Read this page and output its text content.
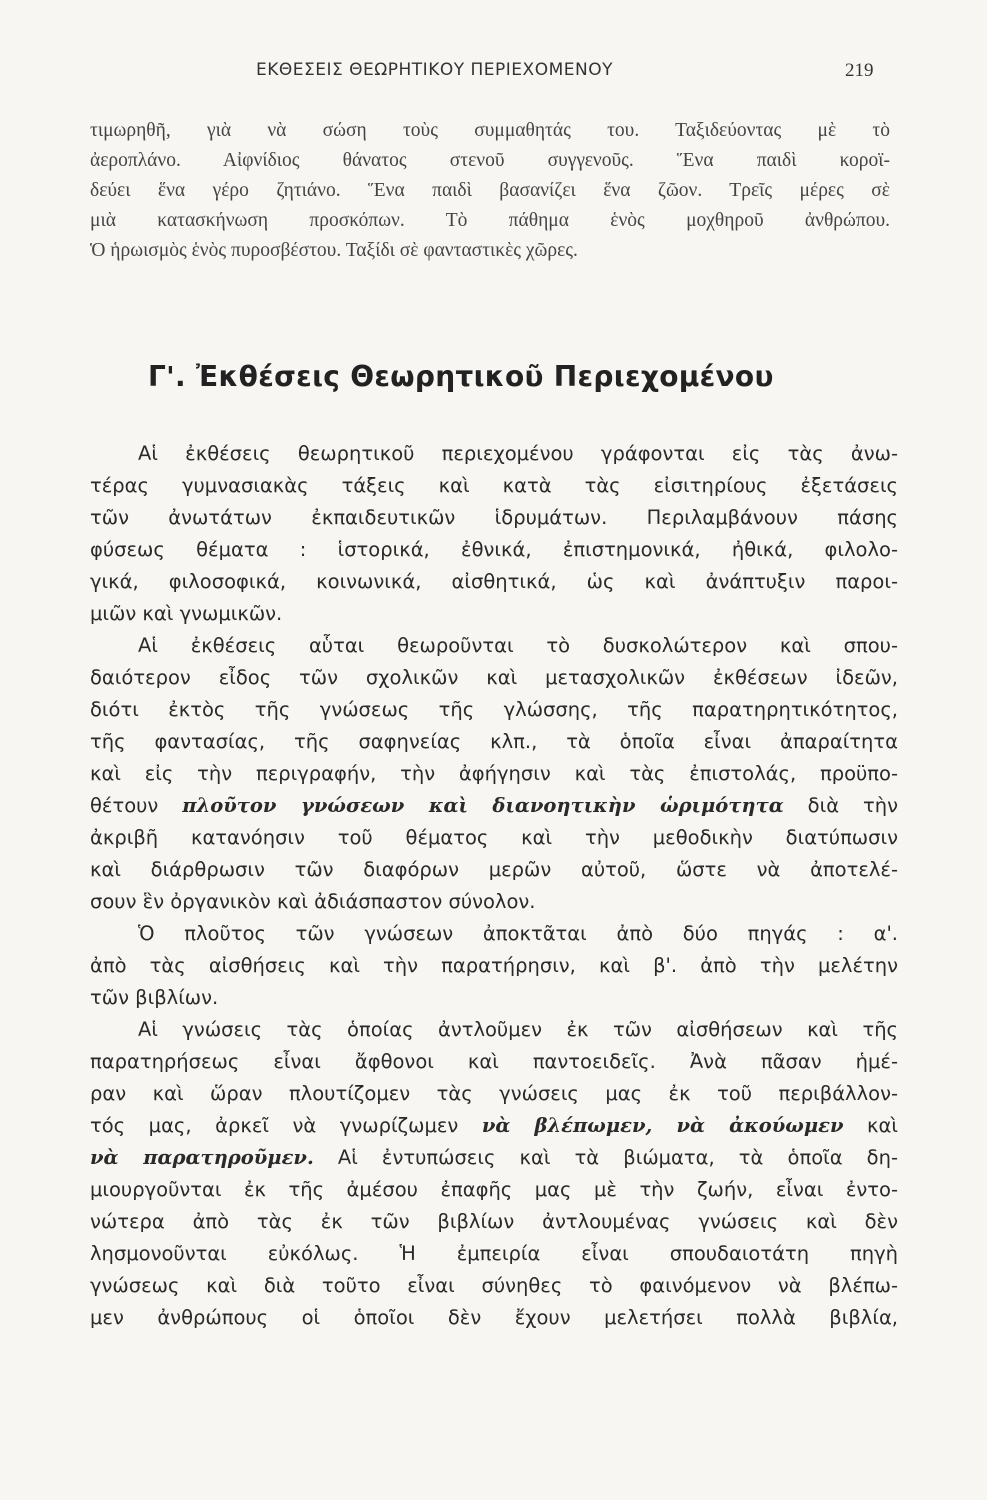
ΕΚΘΕΣΕΙΣ ΘΕΩΡΗΤΙΚΟΥ ΠΕΡΙΕΧΟΜΕΝΟΥ	219
τιμωρηθῆ, γιὰ νὰ σώση τοὺς συμμαθητάς του. Ταξιδεύοντας μὲ τὸ
ἀεροπλάνο. Αἰφνίδιος θάνατος στενοῦ συγγενοῦς. Ἕνα παιδὶ κοροϊ-
δεύει ἕνα γέρο ζητιάνο. Ἕνα παιδὶ βασανίζει ἕνα ζῶον. Τρεῖς μέρες σὲ
μιὰ κατασκήνωση προσκόπων. Τὸ πάθημα ἑνὸς μοχθηροῦ ἀνθρώπου.
Ὁ ἡρωισμὸς ἑνὸς πυροσβέστου. Ταξίδι σὲ φανταστικὲς χῶρες.
Γ'. Ἐκθέσεις Θεωρητικοῦ Περιεχομένου
Αἱ ἐκθέσεις θεωρητικοῦ περιεχομένου γράφονται εἰς τὰς ἀνω-
τέρας γυμνασιακὰς τάξεις καὶ κατὰ τὰς εἰσιτηρίους ἐξετάσεις
τῶν ἀνωτάτων ἐκπαιδευτικῶν ἱδρυμάτων. Περιλαμβάνουν πάσης
φύσεως θέματα : ἱστορικά, ἐθνικά, ἐπιστημονικά, ἠθικά, φιλολο-
γικά, φιλοσοφικά, κοινωνικά, αἰσθητικά, ὡς καὶ ἀνάπτυξιν παροι-
μιῶν καὶ γνωμικῶν.
Αἱ ἐκθέσεις αὗται θεωροῦνται τὸ δυσκολώτερον καὶ σπου-
δαιότερον εἶδος τῶν σχολικῶν καὶ μετασχολικῶν ἐκθέσεων ἰδεῶν,
διότι ἐκτὸς τῆς γνώσεως τῆς γλώσσης, τῆς παρατηρητικότητος,
τῆς φαντασίας, τῆς σαφηνείας κλπ., τὰ ὁποῖα εἶναι ἀπαραίτητα
καὶ εἰς τὴν περιγραφήν, τὴν ἀφήγησιν καὶ τὰς ἐπιστολάς, προϋπο-
θέτουν πλοῦτον γνώσεων καὶ διανοητικὴν ὡριμότητα διὰ τὴν
ἀκριβῆ κατανόησιν τοῦ θέματος καὶ τὴν μεθοδικὴν διατύπωσιν
καὶ διάρθρωσιν τῶν διαφόρων μερῶν αὐτοῦ, ὥστε νὰ ἀποτελέ-
σουν ἓν ὀργανικὸν καὶ ἀδιάσπαστον σύνολον.
Ὁ πλοῦτος τῶν γνώσεων ἀποκτᾶται ἀπὸ δύο πηγάς : α'.
ἀπὸ τὰς αἰσθήσεις καὶ τὴν παρατήρησιν, καὶ β'. ἀπὸ τὴν μελέτην
τῶν βιβλίων.
Αἱ γνώσεις τὰς ὁποίας ἀντλοῦμεν ἐκ τῶν αἰσθήσεων καὶ τῆς
παρατηρήσεως εἶναι ἄφθονοι καὶ παντοειδεῖς. Ἀνὰ πᾶσαν ἡμέ-
ραν καὶ ὥραν πλουτίζομεν τὰς γνώσεις μας ἐκ τοῦ περιβάλλον-
τός μας, ἀρκεῖ νὰ γνωρίζωμεν νὰ βλέπωμεν, νὰ ἀκούωμεν καὶ
νὰ παρατηροῦμεν. Αἱ ἐντυπώσεις καὶ τὰ βιώματα, τὰ ὁποῖα δη-
μιουργοῦνται ἐκ τῆς ἀμέσου ἐπαφῆς μας μὲ τὴν ζωήν, εἶναι ἐντο-
νώτερα ἀπὸ τὰς ἐκ τῶν βιβλίων ἀντλουμένας γνώσεις καὶ δὲν
λησμονοῦνται εὐκόλως. Ἡ ἐμπειρία εἶναι σπουδαιοτάτη πηγὴ
γνώσεως καὶ διὰ τοῦτο εἶναι σύνηθες τὸ φαινόμενον νὰ βλέπω-
μεν ἀνθρώπους οἱ ὁποῖοι δὲν ἔχουν μελετήσει πολλὰ βιβλία,
